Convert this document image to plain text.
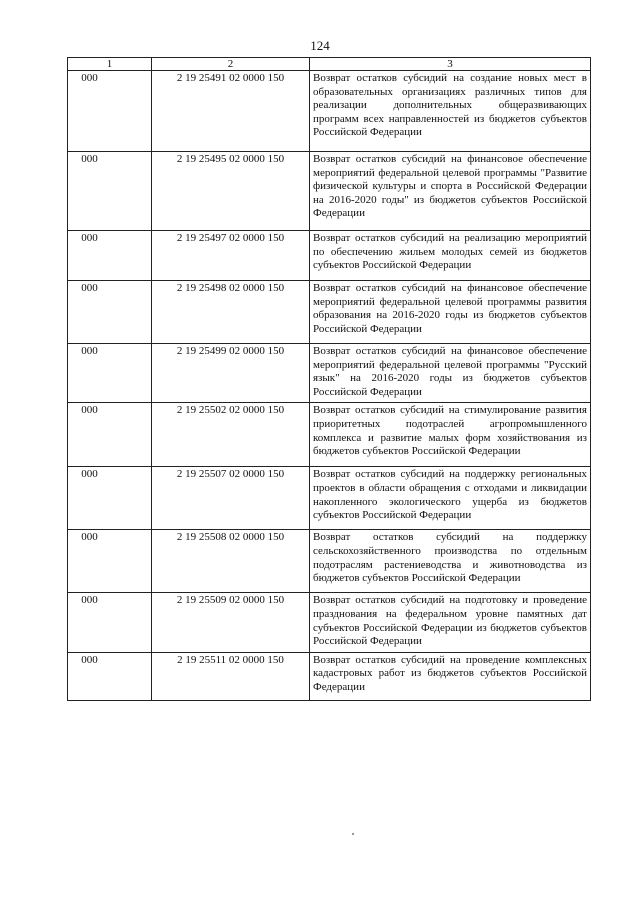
124
1	2	3
000	2 19 25491 02 0000 150	Возврат остатков субсидий на создание новых мест в образовательных организациях различных типов для реализации дополнительных общеразвивающих программ всех направленностей из бюджетов субъектов Российской Федерации
000	2 19 25495 02 0000 150	Возврат остатков субсидий на финансовое обеспечение мероприятий федеральной целевой программы "Развитие физической культуры и спорта в Российской Федерации на 2016-2020 годы" из бюджетов субъектов Российской Федерации
000	2 19 25497 02 0000 150	Возврат остатков субсидий на реализацию мероприятий по обеспечению жильем молодых семей из бюджетов субъектов Российской Федерации
000	2 19 25498 02 0000 150	Возврат остатков субсидий на финансовое обеспечение мероприятий федеральной целевой программы развития образования на 2016-2020 годы из бюджетов субъектов Российской Федерации
000	2 19 25499 02 0000 150	Возврат остатков субсидий на финансовое обеспечение мероприятий федеральной целевой программы "Русский язык" на 2016-2020 годы из бюджетов субъектов Российской Федерации
000	2 19 25502 02 0000 150	Возврат остатков субсидий на стимулирование развития приоритетных подотраслей агропромышленного комплекса и развитие малых форм хозяйствования из бюджетов субъектов Российской Федерации
000	2 19 25507 02 0000 150	Возврат остатков субсидий на поддержку региональных проектов в области обращения с отходами и ликвидации накопленного экологического ущерба из бюджетов субъектов Российской Федерации
000	2 19 25508 02 0000 150	Возврат остатков субсидий на поддержку сельскохозяйственного производства по отдельным подотраслям растениеводства и животноводства из бюджетов субъектов Российской Федерации
000	2 19 25509 02 0000 150	Возврат остатков субсидий на подготовку и проведение празднования на федеральном уровне памятных дат субъектов Российской Федерации из бюджетов субъектов Российской Федерации
000	2 19 25511 02 0000 150	Возврат остатков субсидий на проведение комплексных кадастровых работ из бюджетов субъектов Российской Федерации
